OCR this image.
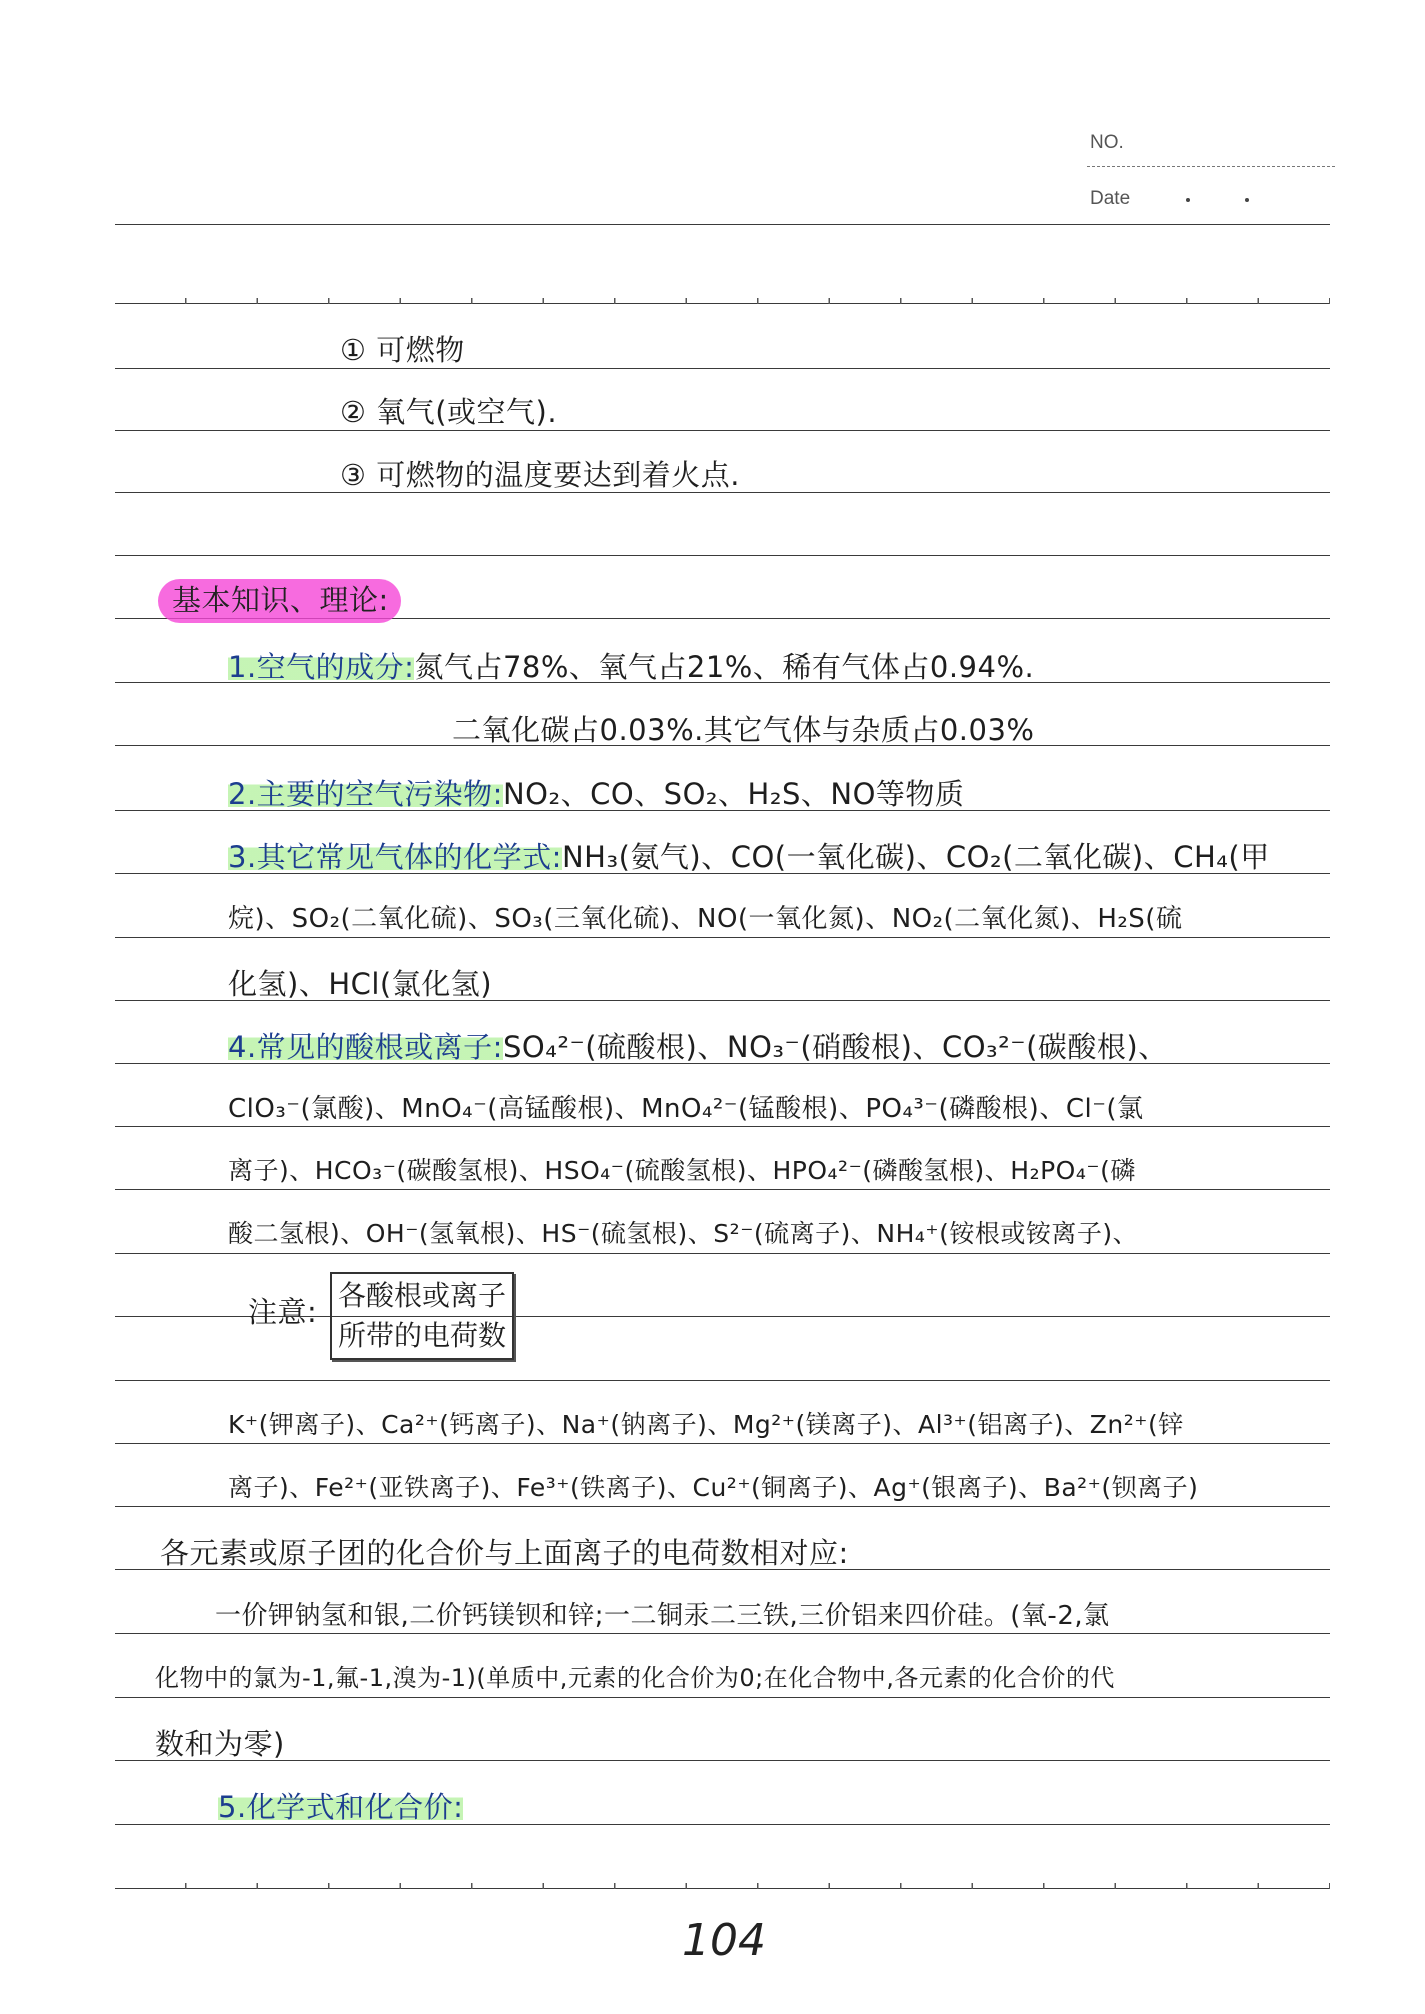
NO.
Date
① 可燃物
② 氧气(或空气).
③ 可燃物的温度要达到着火点.
基本知识、理论:
1.空气的成分:氮气占78%、氧气占21%、稀有气体占0.94%.
二氧化碳占0.03%.其它气体与杂质占0.03%
2.主要的空气污染物:NO₂、CO、SO₂、H₂S、NO等物质
3.其它常见气体的化学式:NH₃(氨气)、CO(一氧化碳)、CO₂(二氧化碳)、CH₄(甲
烷)、SO₂(二氧化硫)、SO₃(三氧化硫)、NO(一氧化氮)、NO₂(二氧化氮)、H₂S(硫
化氢)、HCl(氯化氢)
4.常见的酸根或离子:SO₄²⁻(硫酸根)、NO₃⁻(硝酸根)、CO₃²⁻(碳酸根)、
ClO₃⁻(氯酸)、MnO₄⁻(高锰酸根)、MnO₄²⁻(锰酸根)、PO₄³⁻(磷酸根)、Cl⁻(氯
离子)、HCO₃⁻(碳酸氢根)、HSO₄⁻(硫酸氢根)、HPO₄²⁻(磷酸氢根)、H₂PO₄⁻(磷
酸二氢根)、OH⁻(氢氧根)、HS⁻(硫氢根)、S²⁻(硫离子)、NH₄⁺(铵根或铵离子)、
注意: 各酸根或离子
所带的电荷数
K⁺(钾离子)、Ca²⁺(钙离子)、Na⁺(钠离子)、Mg²⁺(镁离子)、Al³⁺(铝离子)、Zn²⁺(锌
离子)、Fe²⁺(亚铁离子)、Fe³⁺(铁离子)、Cu²⁺(铜离子)、Ag⁺(银离子)、Ba²⁺(钡离子)
各元素或原子团的化合价与上面离子的电荷数相对应:
一价钾钠氢和银,二价钙镁钡和锌;一二铜汞二三铁,三价铝来四价硅。(氧-2,氯
化物中的氯为-1,氟-1,溴为-1)(单质中,元素的化合价为0;在化合物中,各元素的化合价的代
数和为零)
5.化学式和化合价:
104
